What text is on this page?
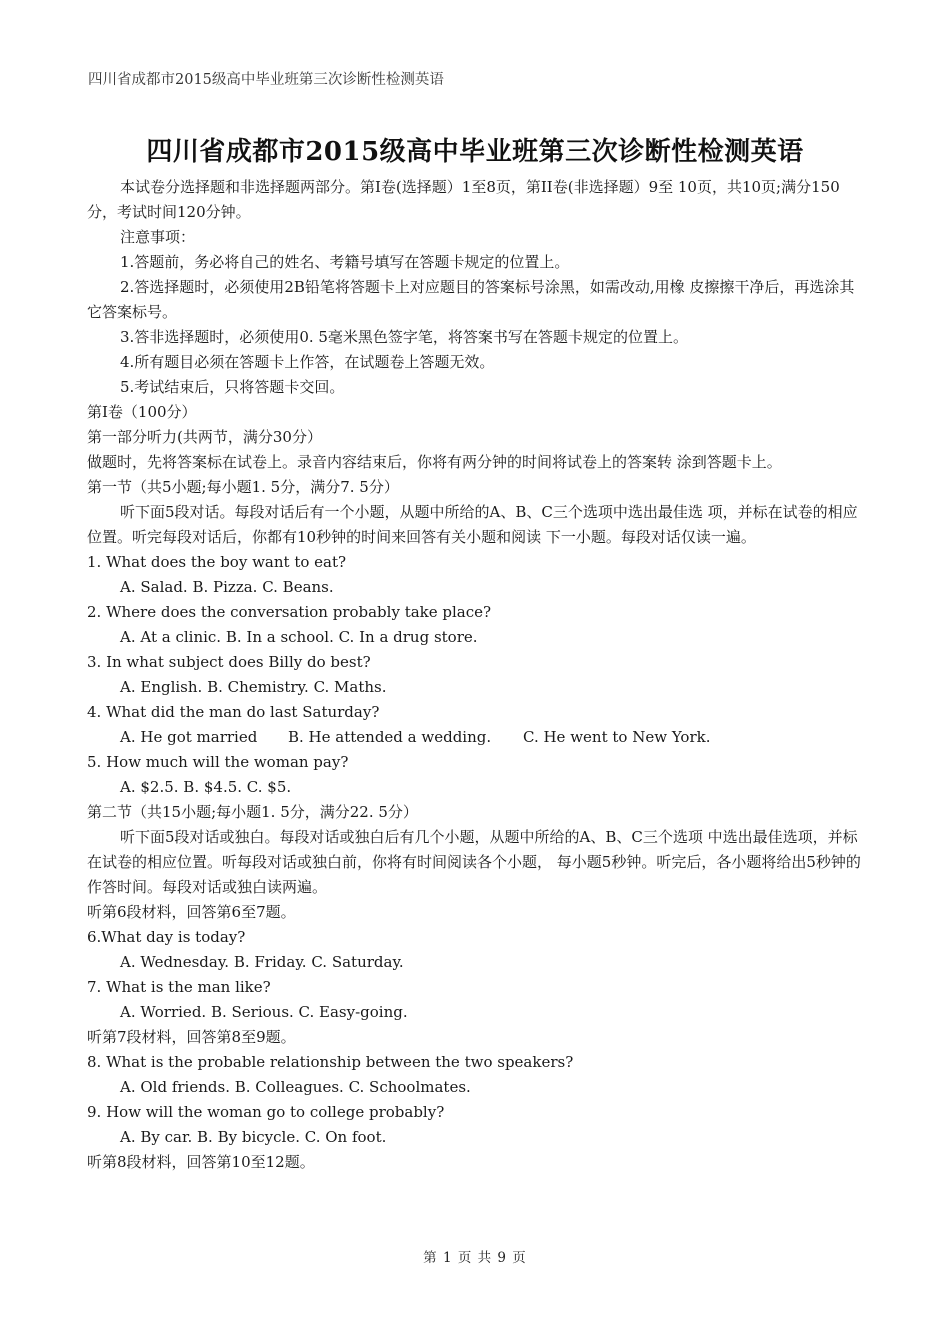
四川省成都市2015级高中毕业班第三次诊断性检测英语
四川省成都市2015级高中毕业班第三次诊断性检测英语

本试卷分选择题和非选择题两部分。第I卷(选择题）1至8页，第II卷(非选择题）9至 10页，共10页;满分150分，考试时间120分钟。

注意事项：

1.答题前，务必将自己的姓名、考籍号填写在答题卡规定的位置上。

2.答选择题时，必须使用2B铅笔将答题卡上对应题目的答案标号涂黑，如需改动,用橡 皮擦擦干净后，再选涂其它答案标号。

3.答非选择题时，必须使用0. 5毫米黑色签字笔，将答案书写在答题卡规定的位置上。

4.所有题目必须在答题卡上作答，在试题卷上答题无效。

5.考试结束后，只将答题卡交回。

第I卷（100分）

第一部分听力(共两节，满分30分）

做题时，先将答案标在试卷上。录音内容结束后，你将有两分钟的时间将试卷上的答案转 涂到答题卡上。

第一节（共5小题;每小题1. 5分，满分7. 5分）

听下面5段对话。每段对话后有一个小题，从题中所给的A、B、C三个选项中选出最佳选 项，并标在试卷的相应位置。听完每段对话后，你都有10秒钟的时间来回答有关小题和阅读 下一小题。每段对话仅读一遍。

1. What does the boy want to eat?

A. Salad. B. Pizza. C. Beans.

2. Where does the conversation probably take place?

A. At a clinic. B. In a school. C. In a drug store.

3. In what subject does Billy do best?

A. English. B. Chemistry. C. Maths.

4. What did the man do last Saturday?

A. He got married	B. He attended a wedding.	C. He went to New York.

5. How much will the woman pay?

A. $2.5. B. $4.5. C. $5.

第二节（共15小题;每小题1. 5分，满分22. 5分）

听下面5段对话或独白。每段对话或独白后有几个小题，从题中所给的A、B、C三个选项 中选出最佳选项，并标在试卷的相应位置。听每段对话或独白前，你将有时间阅读各个小题， 每小题5秒钟。听完后，各小题将给出5秒钟的作答时间。每段对话或独白读两遍。

听第6段材料，回答第6至7题。

6.What day is today?

A. Wednesday. B. Friday. C. Saturday.

7. What is the man like?

A. Worried. B. Serious. C. Easy-going.

听第7段材料，回答第8至9题。

8. What is the probable relationship between the two speakers?

A. Old friends. B. Colleagues. C. Schoolmates.

9. How will the woman go to college probably?

A. By car. B. By bicycle. C. On foot.

听第8段材料，回答第10至12题。

第 1 页 共 9 页
